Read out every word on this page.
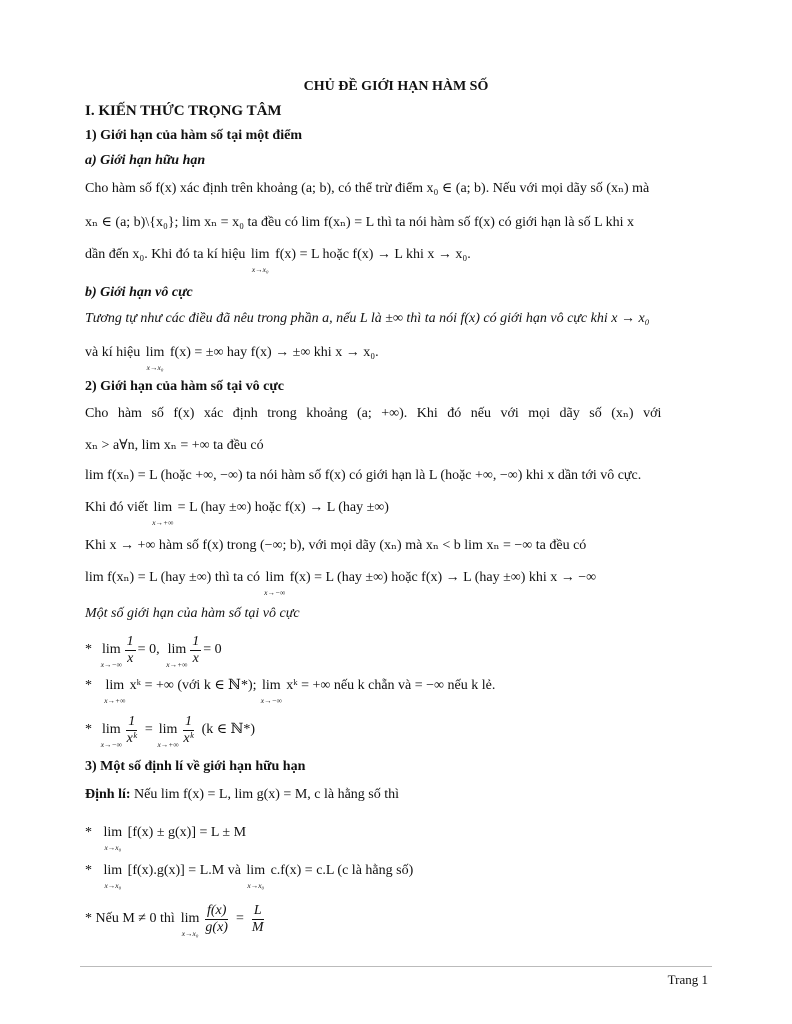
CHỦ ĐỀ GIỚI HẠN HÀM SỐ
I. KIẾN THỨC TRỌNG TÂM
1) Giới hạn của hàm số tại một điểm
a) Giới hạn hữu hạn
Cho hàm số f(x) xác định trên khoảng (a; b), có thể trừ điểm x₀ ∈ (a; b). Nếu với mọi dãy số (xₙ) mà
xₙ ∈ (a; b)\{x₀}; lim xₙ = x₀ ta đều có lim f(xₙ) = L thì ta nói hàm số f(x) có giới hạn là số L khi x
dần đến x₀. Khi đó ta kí hiệu lim
x→x₀
f(x) = L hoặc f(x) → L khi x → x₀.
b) Giới hạn vô cực
Tương tự như các điều đã nêu trong phần a, nếu L là ±∞ thì ta nói f(x) có giới hạn vô cực khi x → x₀
và kí hiệu lim
x→x₀
f(x) = ±∞ hay f(x) → ±∞ khi x → x₀.
2) Giới hạn của hàm số tại vô cực
Cho hàm số f(x) xác định trong khoảng (a; +∞). Khi đó nếu với mọi dãy số (xₙ) với
xₙ > a∀n, lim xₙ = +∞ ta đều có
lim f(xₙ) = L (hoặc +∞, −∞) ta nói hàm số f(x) có giới hạn là L (hoặc +∞, −∞) khi x dần tới vô cực.
Khi đó viết lim
x→+∞
= L (hay ±∞) hoặc f(x) → L (hay ±∞)
Khi x → +∞ hàm số f(x) trong (−∞; b), với mọi dãy (xₙ) mà xₙ < b lim xₙ = −∞ ta đều có
lim f(xₙ) = L (hay ±∞) thì ta có lim
x→−∞
f(x) = L (hay ±∞) hoặc f(x) → L (hay ±∞) khi x → −∞
Một số giới hạn của hàm số tại vô cực
* lim
$x\to-\infty \frac{1}{x} = 0$, lim
$x\to+\infty \frac{1}{x} = 0$
* lim
x→+∞
xᵏ = +∞ (với k ∈ ℕ*); lim
x→−∞
xᵏ = +∞ nếu k chẵn và = −∞ nếu k lẻ.
* lim
$x\to-\infty \frac{1}{\text{xᵏ}} = \lim$
$x\to+\infty \frac{1}{\text{xᵏ}} (k$ ∈ ℕ*)
3) Một số định lí về giới hạn hữu hạn
Định lí: Nếu lim f(x) = L, lim g(x) = M, c là hằng số thì
* lim
x→x₀
[f(x) ± g(x)] = L ± M
* lim
x→x₀
[f(x).g(x)] = L.M và lim
x→x₀
c.f(x) = c.L (c là hằng số)
* Nếu M ≠ 0 thì lim
$x\to x_0 \frac{f(x)}{g(x)} = \frac{L}{M}$
Trang 1
